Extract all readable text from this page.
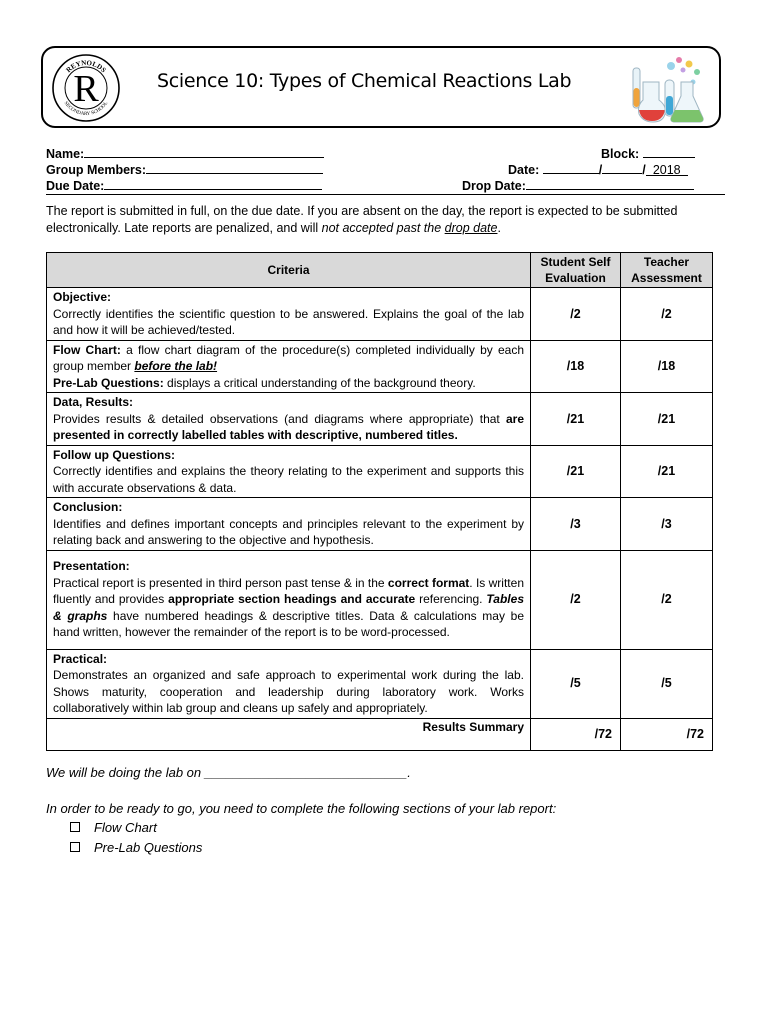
REYNOLDS
SECONDARY SCHOOL
R	Science 10: Types of Chemical Reactions Lab
Name:	Block:
Group Members:	Date:	/	/ 2018
Due Date:	Drop Date:
The report is submitted in full, on the due date. If you are absent on the day, the report is expected to be submitted electronically. Late reports are penalized, and will not accepted past the drop date.
Criteria	Student Self Evaluation	Teacher Assessment

Objective:
Correctly identifies the scientific question to be answered. Explains the goal of the lab and how it will be achieved/tested.	/2	/2
Flow Chart: a flow chart diagram of the procedure(s) completed individually by each group member before the lab!
Pre-Lab Questions: displays a critical understanding of the background theory.	/18	/18

Data, Results:
Provides results & detailed observations (and diagrams where appropriate) that are presented in correctly labelled tables with descriptive, numbered titles.	/21	/21

Follow up Questions:
Correctly identifies and explains the theory relating to the experiment and supports this with accurate observations & data.	/21	/21

Conclusion:
Identifies and defines important concepts and principles relevant to the experiment by relating back and answering to the objective and hypothesis.	/3	/3

Presentation:
Practical report is presented in third person past tense & in the correct format. Is written fluently and provides appropriate section headings and accurate referencing. Tables & graphs have numbered headings & descriptive titles. Data & calculations may be hand written, however the remainder of the report is to be word-processed.	/2	/2

Practical:
Demonstrates an organized and safe approach to experimental work during the lab. Shows maturity, cooperation and leadership during laboratory work. Works collaboratively within lab group and cleans up safely and appropriately.	/5	/5
Results Summary	/72	/72
We will be doing the lab on ____________________________.
In order to be ready to go, you need to complete the following sections of your lab report:
Flow Chart
Pre-Lab Questions
